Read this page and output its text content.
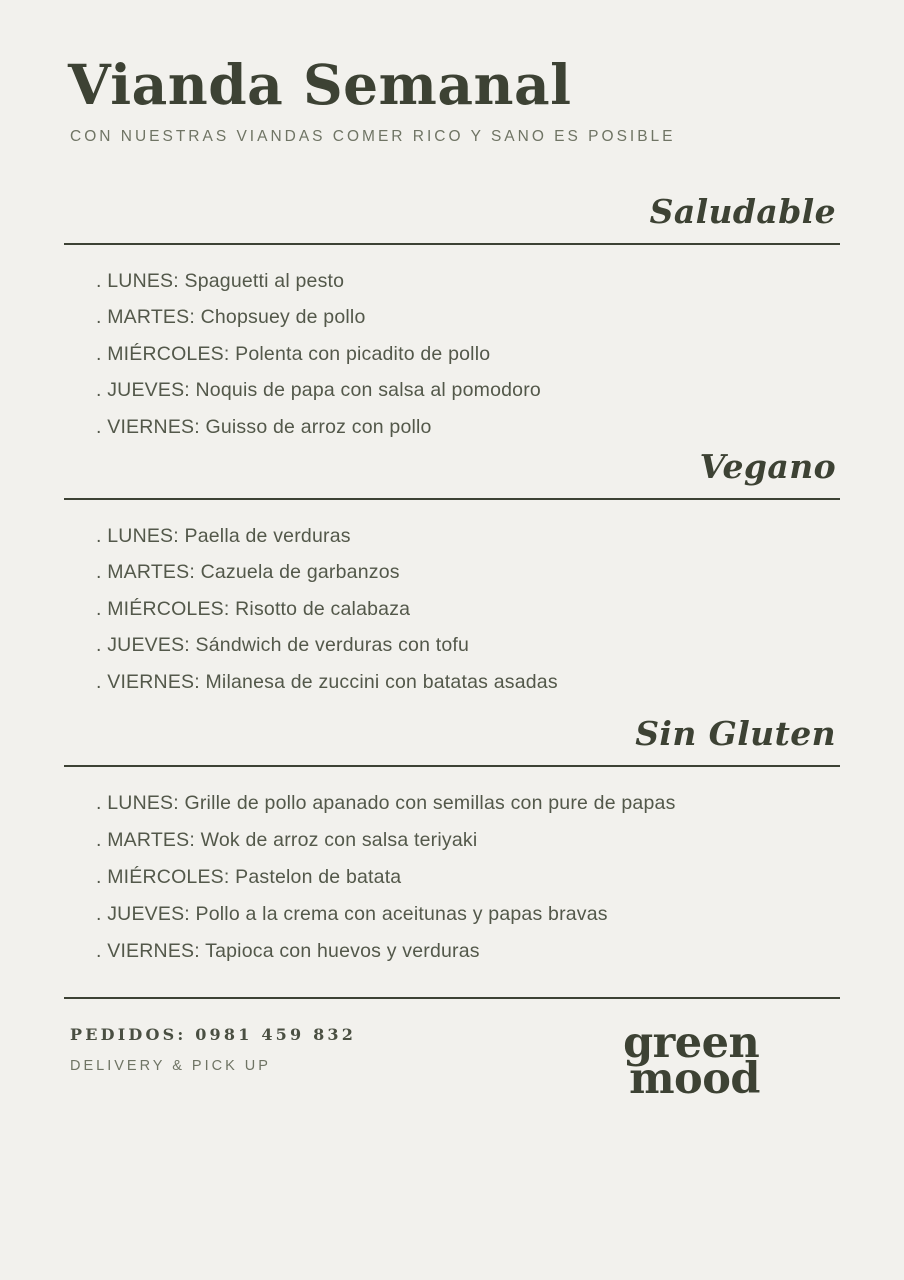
Vianda Semanal
CON NUESTRAS VIANDAS COMER RICO Y SANO ES POSIBLE
Saludable
. LUNES: Spaguetti al pesto
. MARTES: Chopsuey de pollo
. MIÉRCOLES: Polenta con picadito de pollo
. JUEVES: Noquis de papa con salsa al pomodoro
. VIERNES: Guisso de arroz con pollo
Vegano
. LUNES: Paella de verduras
. MARTES: Cazuela de garbanzos
. MIÉRCOLES: Risotto de calabaza
. JUEVES: Sándwich de verduras con tofu
. VIERNES: Milanesa de zuccini con batatas asadas
Sin Gluten
. LUNES: Grille de pollo apanado con semillas con pure de papas
. MARTES: Wok de arroz con salsa teriyaki
. MIÉRCOLES: Pastelon de batata
. JUEVES: Pollo a la crema con aceitunas y papas bravas
. VIERNES: Tapioca con huevos y verduras

PEDIDOS: 0981 459 832

DELIVERY & PICK UP	green
mood
